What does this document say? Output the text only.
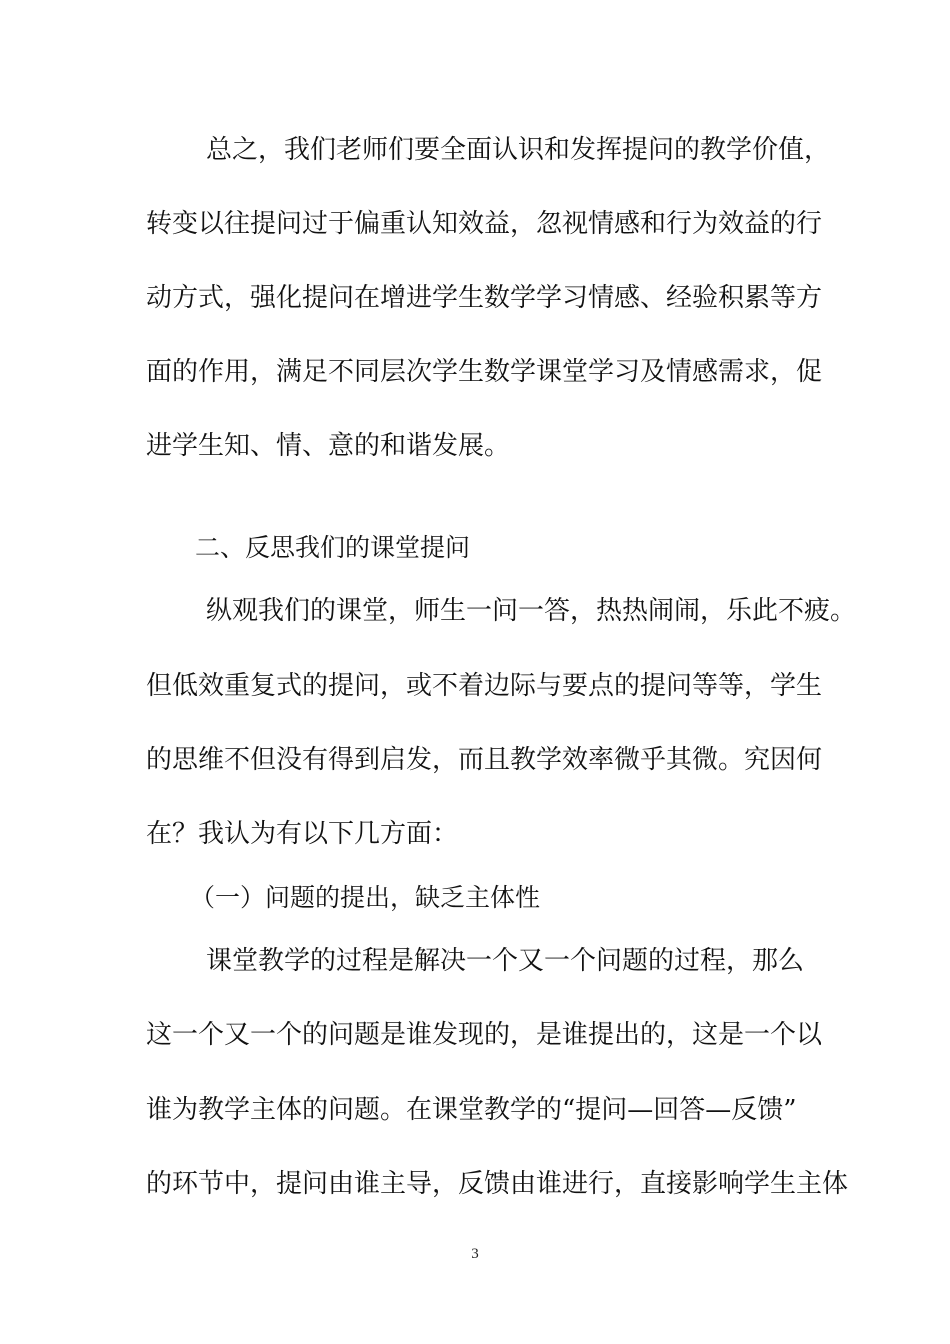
总之，我们老师们要全面认识和发挥提问的教学价值，
转变以往提问过于偏重认知效益，忽视情感和行为效益的行
动方式，强化提问在增进学生数学学习情感、经验积累等方
面的作用，满足不同层次学生数学课堂学习及情感需求，促
进学生知、情、意的和谐发展。
二、反思我们的课堂提问
纵观我们的课堂，师生一问一答，热热闹闹，乐此不疲。
但低效重复式的提问，或不着边际与要点的提问等等，学生
的思维不但没有得到启发，而且教学效率微乎其微。究因何
在？我认为有以下几方面：
（一）问题的提出，缺乏主体性
课堂教学的过程是解决一个又一个问题的过程，那么
这一个又一个的问题是谁发现的，是谁提出的，这是一个以
谁为教学主体的问题。在课堂教学的“提问—回答—反馈”
的环节中，提问由谁主导，反馈由谁进行，直接影响学生主体
3
